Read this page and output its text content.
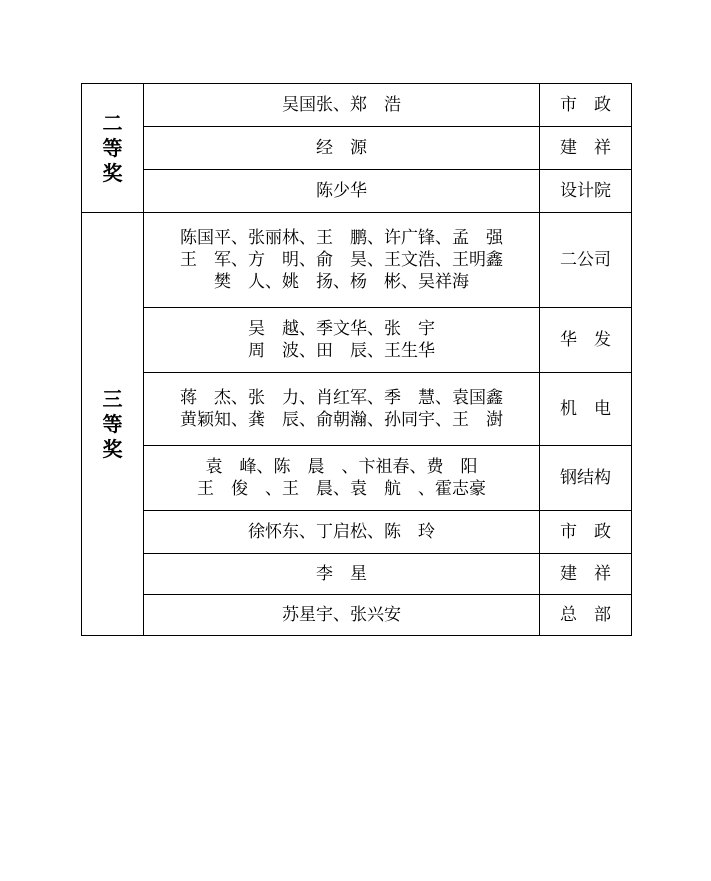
二等奖	吴国张、郑　浩	市　政

	经　源	建　祥

	陈少华	设计院
三等奖	陈国平、张丽林、王　鹏、许广锋、孟　强
王　军、方　明、俞　昊、王文浩、王明鑫
樊　人、姚　扬、杨　彬、吴祥海	二公司

	吴　越、季文华、张　宇
周　波、田　辰、王生华	华　发

	蒋　杰、张　力、肖红军、季　慧、袁国鑫
黄颖知、龚　辰、俞朝瀚、孙同宇、王　澍	机　电

	袁　峰、陈　晨　、卞祖春、费　阳
王　俊　、王　晨、袁　航　、霍志豪	钢结构

	徐怀东、丁启松、陈　玲	市　政

	李　星	建　祥

	苏星宇、张兴安	总　部
